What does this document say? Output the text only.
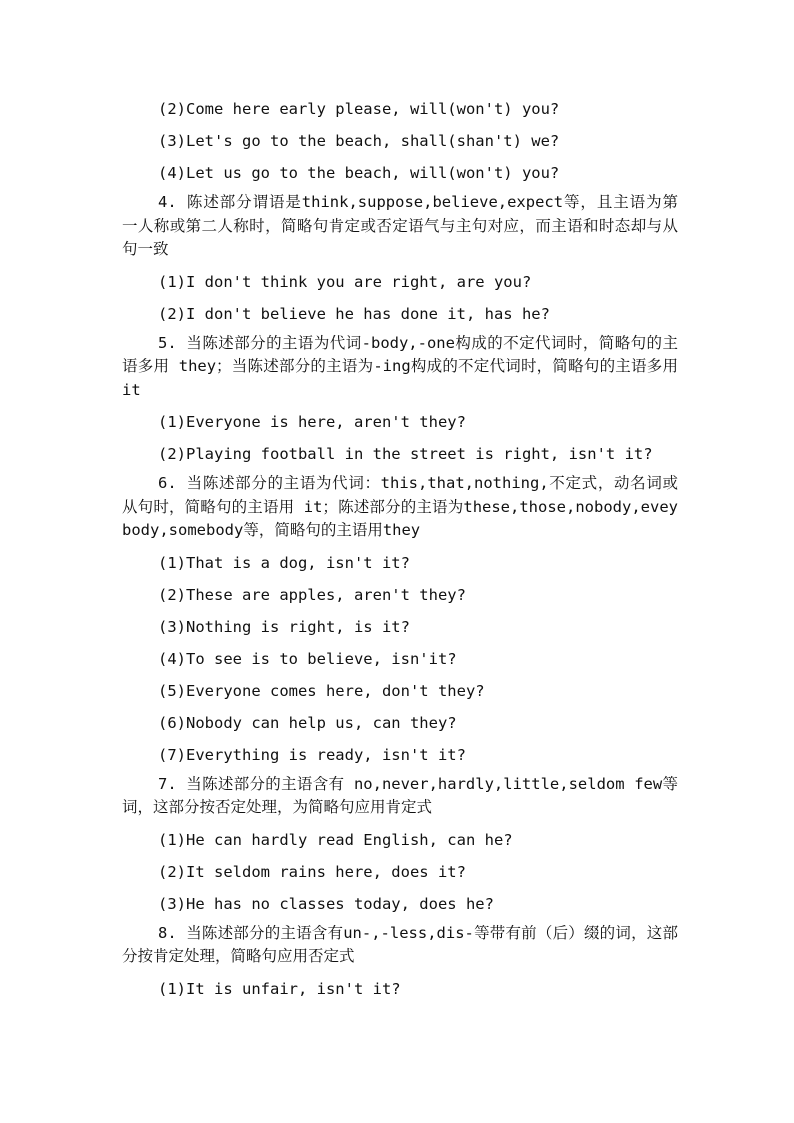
(2)Come here early please, will(won't) you?

(3)Let's go to the beach, shall(shan't) we?

(4)Let us go to the beach, will(won't) you?

4. 陈述部分谓语是think,suppose,believe,expect等，且主语为第一人称或第二人称时，简略句肯定或否定语气与主句对应，而主语和时态却与从句一致

(1)I don't think you are right, are you?

(2)I don't believe he has done it, has he?

5. 当陈述部分的主语为代词-body,-one构成的不定代词时，简略句的主语多用 they；当陈述部分的主语为-ing构成的不定代词时，简略句的主语多用it

(1)Everyone is here, aren't they?

(2)Playing football in the street is right, isn't it?

6. 当陈述部分的主语为代词：this,that,nothing,不定式，动名词或从句时，简略句的主语用 it；陈述部分的主语为these,those,nobody,eveybody,somebody等，简略句的主语用they

(1)That is a dog, isn't it?

(2)These are apples, aren't they?

(3)Nothing is right, is it?

(4)To see is to believe, isn'it?

(5)Everyone comes here, don't they?

(6)Nobody can help us, can they?

(7)Everything is ready, isn't it?

7. 当陈述部分的主语含有 no,never,hardly,little,seldom few等词，这部分按否定处理，为简略句应用肯定式

(1)He can hardly read English, can he?

(2)It seldom rains here, does it?

(3)He has no classes today, does he?

8. 当陈述部分的主语含有un-,-less,dis-等带有前（后）缀的词，这部分按肯定处理，简略句应用否定式

(1)It is unfair, isn't it?
